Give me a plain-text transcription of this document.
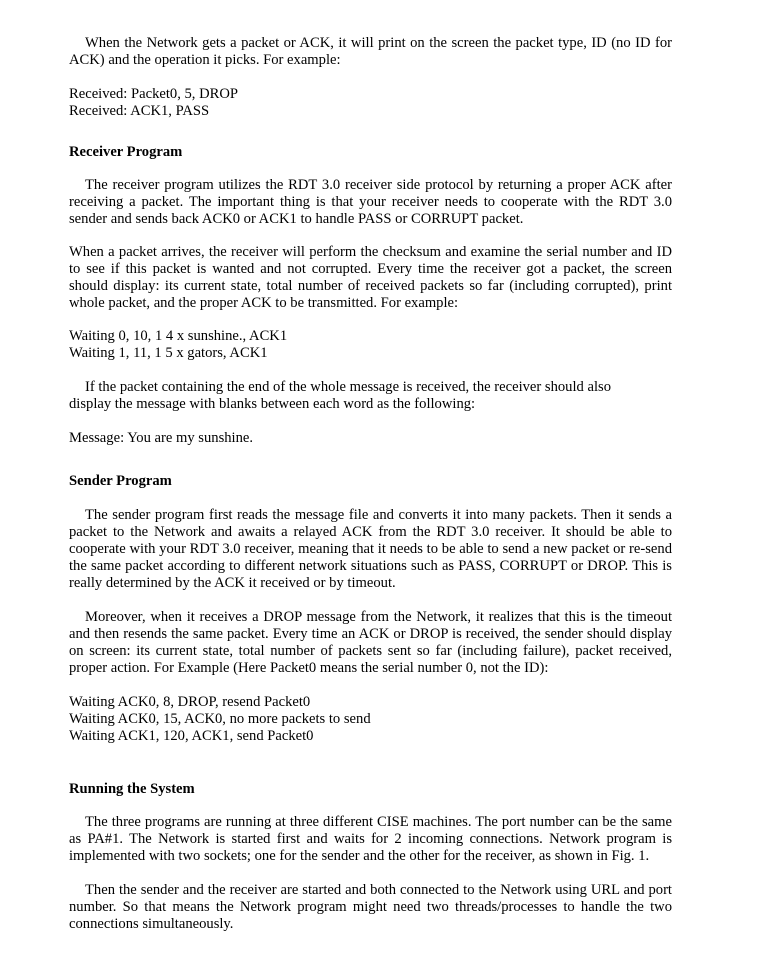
When the Network gets a packet or ACK, it will print on the screen the packet type, ID (no ID for ACK) and the operation it picks. For example:

Received: Packet0, 5, DROP

Received: ACK1, PASS

Receiver Program

The receiver program utilizes the RDT 3.0 receiver side protocol by returning a proper ACK after receiving a packet. The important thing is that your receiver needs to cooperate with the RDT 3.0 sender and sends back ACK0 or ACK1 to handle PASS or CORRUPT packet.

When a packet arrives, the receiver will perform the checksum and examine the serial number and ID to see if this packet is wanted and not corrupted. Every time the receiver got a packet, the screen should display: its current state, total number of received packets so far (including corrupted), print whole packet, and the proper ACK to be transmitted. For example:

Waiting 0, 10, 1 4 x sunshine., ACK1

Waiting 1, 11, 1 5 x gators, ACK1

If the packet containing the end of the whole message is received, the receiver should also

display the message with blanks between each word as the following:

Message: You are my sunshine.

Sender Program

The sender program first reads the message file and converts it into many packets. Then it sends a packet to the Network and awaits a relayed ACK from the RDT 3.0 receiver. It should be able to cooperate with your RDT 3.0 receiver, meaning that it needs to be able to send a new packet or re-send the same packet according to different network situations such as PASS, CORRUPT or DROP. This is really determined by the ACK it received or by timeout.

Moreover, when it receives a DROP message from the Network, it realizes that this is the timeout and then resends the same packet. Every time an ACK or DROP is received, the sender should display on screen: its current state, total number of packets sent so far (including failure), packet received, proper action. For Example (Here Packet0 means the serial number 0, not the ID):

Waiting ACK0, 8, DROP, resend Packet0

Waiting ACK0, 15, ACK0, no more packets to send

Waiting ACK1, 120, ACK1, send Packet0

Running the System

The three programs are running at three different CISE machines. The port number can be the same as PA#1. The Network is started first and waits for 2 incoming connections. Network program is implemented with two sockets; one for the sender and the other for the receiver, as shown in Fig. 1.

Then the sender and the receiver are started and both connected to the Network using URL and port number. So that means the Network program might need two threads/processes to handle the two connections simultaneously.
